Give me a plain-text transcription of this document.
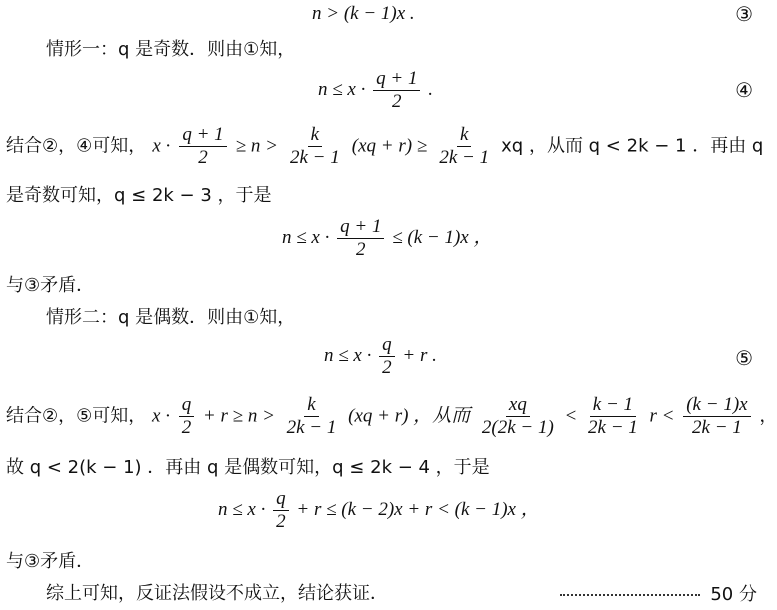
n > (k − 1)x .	③
情形一：q 是奇数．则由①知，
$n \le x \cdot \frac{q + 1}{2}$ .	④
结合②，④可知， $x \cdot \frac{q + 1}{2} \ge n > \frac{k}{2k - 1} (xq + r) \ge \frac{k}{2k - 1}$ xq ，从而 q < 2k − 1 ．再由 q
是奇数可知，q ≤ 2k − 3 ，于是
$n \le x \cdot \frac{q + 1}{2} \le (k - 1)x$ ，
与③矛盾．
情形二：q 是偶数．则由①知，
$n \le x \cdot \frac{q}{2} + r$ .	⑤
结合②，⑤可知， $x \cdot \frac{q}{2} + r \ge n > \frac{k}{2k - 1} (xq + r)$ ，从而 $\frac{xq}{2(2k - 1)} < \frac{k - 1}{2k - 1}$ $r < \frac{(k - 1)x}{2k - 1}$ ，
故 q < 2(k − 1) ．再由 q 是偶数可知，q ≤ 2k − 4 ，于是
$n \le x \cdot \frac{q}{2} + r \le (k - 2)x + r < (k - 1)x$ ，
与③矛盾．
综上可知，反证法假设不成立，结论获证．	50 分
